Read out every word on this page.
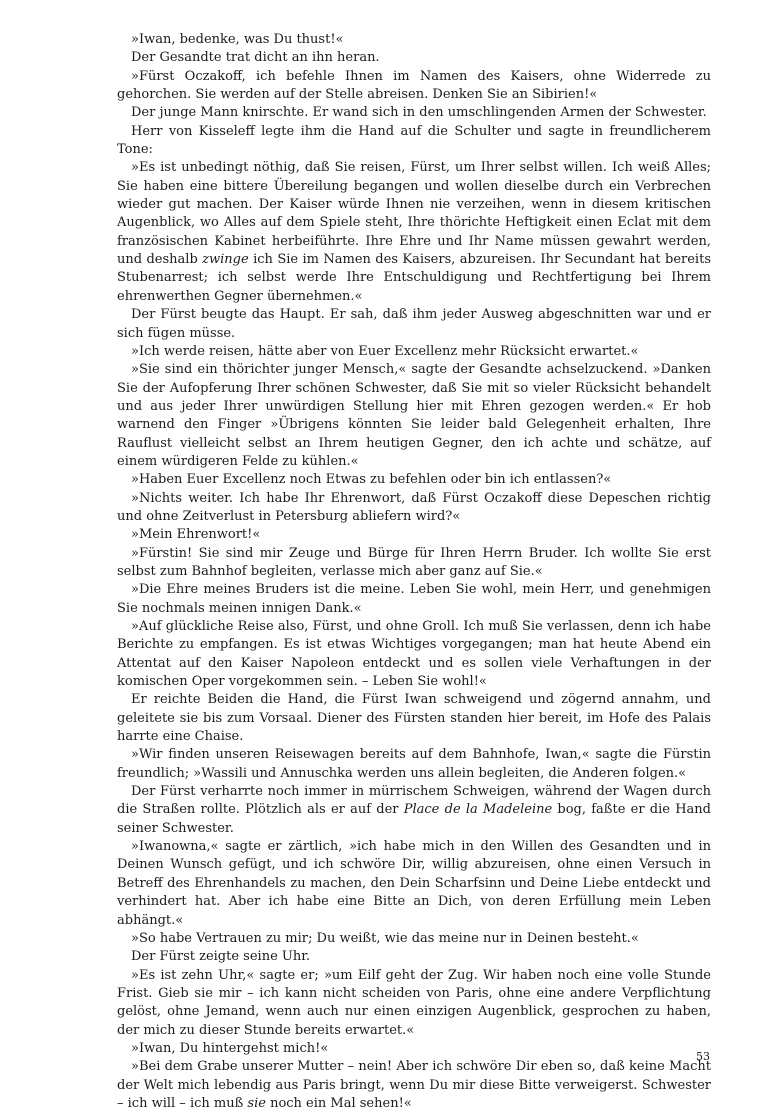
»Iwan, bedenke, was Du thust!«

Der Gesandte trat dicht an ihn heran.

»Fürst Oczakoff, ich befehle Ihnen im Namen des Kaisers, ohne Widerrede zu gehorchen. Sie werden auf der Stelle abreisen. Denken Sie an Sibirien!«

Der junge Mann knirschte. Er wand sich in den umschlingenden Armen der Schwester.

Herr von Kisseleff legte ihm die Hand auf die Schulter und sagte in freundlicherem Tone:

»Es ist unbedingt nöthig, daß Sie reisen, Fürst, um Ihrer selbst willen. Ich weiß Alles; Sie haben eine bittere Übereilung begangen und wollen dieselbe durch ein Verbrechen wieder gut machen. Der Kaiser würde Ihnen nie verzeihen, wenn in diesem kritischen Augenblick, wo Alles auf dem Spiele steht, Ihre thörichte Heftigkeit einen Eclat mit dem französischen Kabinet herbeiführte. Ihre Ehre und Ihr Name müssen gewahrt werden, und deshalb zwinge ich Sie im Namen des Kaisers, abzureisen. Ihr Secundant hat bereits Stubenarrest; ich selbst werde Ihre Entschuldigung und Rechtfertigung bei Ihrem ehrenwerthen Gegner übernehmen.«

Der Fürst beugte das Haupt. Er sah, daß ihm jeder Ausweg abgeschnitten war und er sich fügen müsse.

»Ich werde reisen, hätte aber von Euer Excellenz mehr Rücksicht erwartet.«

»Sie sind ein thörichter junger Mensch,« sagte der Gesandte achselzuckend. »Danken Sie der Aufopferung Ihrer schönen Schwester, daß Sie mit so vieler Rücksicht behandelt und aus jeder Ihrer unwürdigen Stellung hier mit Ehren gezogen werden.« Er hob warnend den Finger »Übrigens könnten Sie leider bald Gelegenheit erhalten, Ihre Rauflust vielleicht selbst an Ihrem heutigen Gegner, den ich achte und schätze, auf einem würdigeren Felde zu kühlen.«

»Haben Euer Excellenz noch Etwas zu befehlen oder bin ich entlassen?«

»Nichts weiter. Ich habe Ihr Ehrenwort, daß Fürst Oczakoff diese Depeschen richtig und ohne Zeitverlust in Petersburg abliefern wird?«

»Mein Ehrenwort!«

»Fürstin! Sie sind mir Zeuge und Bürge für Ihren Herrn Bruder. Ich wollte Sie erst selbst zum Bahnhof begleiten, verlasse mich aber ganz auf Sie.«

»Die Ehre meines Bruders ist die meine. Leben Sie wohl, mein Herr, und genehmigen Sie nochmals meinen innigen Dank.«

»Auf glückliche Reise also, Fürst, und ohne Groll. Ich muß Sie verlassen, denn ich habe Berichte zu empfangen. Es ist etwas Wichtiges vorgegangen; man hat heute Abend ein Attentat auf den Kaiser Napoleon entdeckt und es sollen viele Verhaftungen in der komischen Oper vorgekommen sein. – Leben Sie wohl!«

Er reichte Beiden die Hand, die Fürst Iwan schweigend und zögernd annahm, und geleitete sie bis zum Vorsaal. Diener des Fürsten standen hier bereit, im Hofe des Palais harrte eine Chaise.

»Wir finden unseren Reisewagen bereits auf dem Bahnhofe, Iwan,« sagte die Fürstin freundlich; »Wassili und Annuschka werden uns allein begleiten, die Anderen folgen.«

Der Fürst verharrte noch immer in mürrischem Schweigen, während der Wagen durch die Straßen rollte. Plötzlich als er auf der Place de la Madeleine bog, faßte er die Hand seiner Schwester.

»Iwanowna,« sagte er zärtlich, »ich habe mich in den Willen des Gesandten und in Deinen Wunsch gefügt, und ich schwöre Dir, willig abzureisen, ohne einen Versuch in Betreff des Ehrenhandels zu machen, den Dein Scharfsinn und Deine Liebe entdeckt und verhindert hat. Aber ich habe eine Bitte an Dich, von deren Erfüllung mein Leben abhängt.«

»So habe Vertrauen zu mir; Du weißt, wie das meine nur in Deinen besteht.«

Der Fürst zeigte seine Uhr.

»Es ist zehn Uhr,« sagte er; »um Eilf geht der Zug. Wir haben noch eine volle Stunde Frist. Gieb sie mir – ich kann nicht scheiden von Paris, ohne eine andere Verpflichtung gelöst, ohne Jemand, wenn auch nur einen einzigen Augenblick, gesprochen zu haben, der mich zu dieser Stunde bereits erwartet.«

»Iwan, Du hintergehst mich!«

»Bei dem Grabe unserer Mutter – nein! Aber ich schwöre Dir eben so, daß keine Macht der Welt mich lebendig aus Paris bringt, wenn Du mir diese Bitte verweigerst. Schwester – ich will – ich muß sie noch ein Mal sehen!«

53
